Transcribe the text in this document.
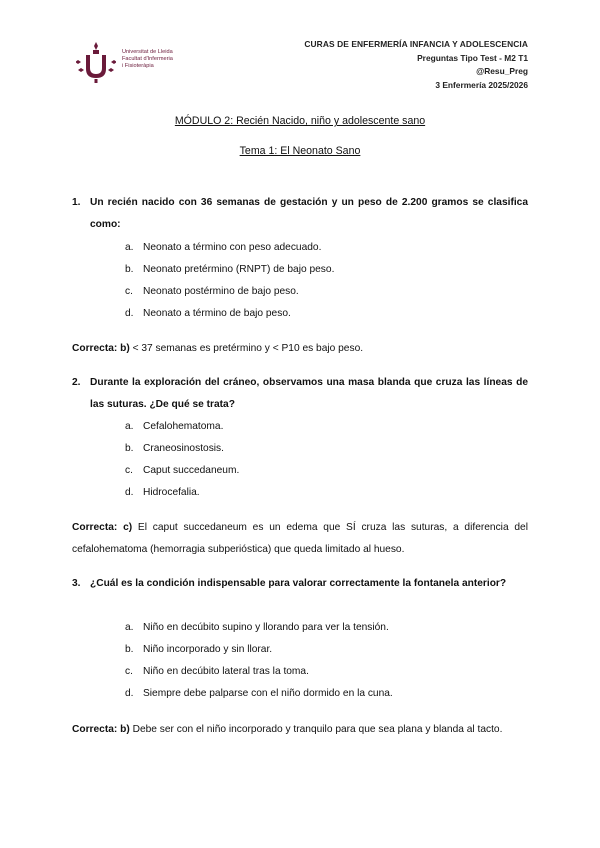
Universitat de Lleida
Facultat d'Infermeria
i Fisioteràpia
CURAS DE ENFERMERÍA INFANCIA Y ADOLESCENCIA
Preguntas Tipo Test - M2 T1
@Resu_Preg
3 Enfermería 2025/2026
MÓDULO 2: Recién Nacido, niño y adolescente sano
Tema 1: El Neonato Sano
1. Un recién nacido con 36 semanas de gestación y un peso de 2.200 gramos se clasifica como:
a. Neonato a término con peso adecuado.
b. Neonato pretérmino (RNPT) de bajo peso.
c. Neonato postérmino de bajo peso.
d. Neonato a término de bajo peso.
Correcta: b) < 37 semanas es pretérmino y < P10 es bajo peso.
2. Durante la exploración del cráneo, observamos una masa blanda que cruza las líneas de las suturas. ¿De qué se trata?
a. Cefalohematoma.
b. Craneosinostosis.
c. Caput succedaneum.
d. Hidrocefalia.
Correcta: c) El caput succedaneum es un edema que SÍ cruza las suturas, a diferencia del cefalohematoma (hemorragia subperióstica) que queda limitado al hueso.
3. ¿Cuál es la condición indispensable para valorar correctamente la fontanela anterior?
a. Niño en decúbito supino y llorando para ver la tensión.
b. Niño incorporado y sin llorar.
c. Niño en decúbito lateral tras la toma.
d. Siempre debe palparse con el niño dormido en la cuna.
Correcta: b) Debe ser con el niño incorporado y tranquilo para que sea plana y blanda al tacto.
